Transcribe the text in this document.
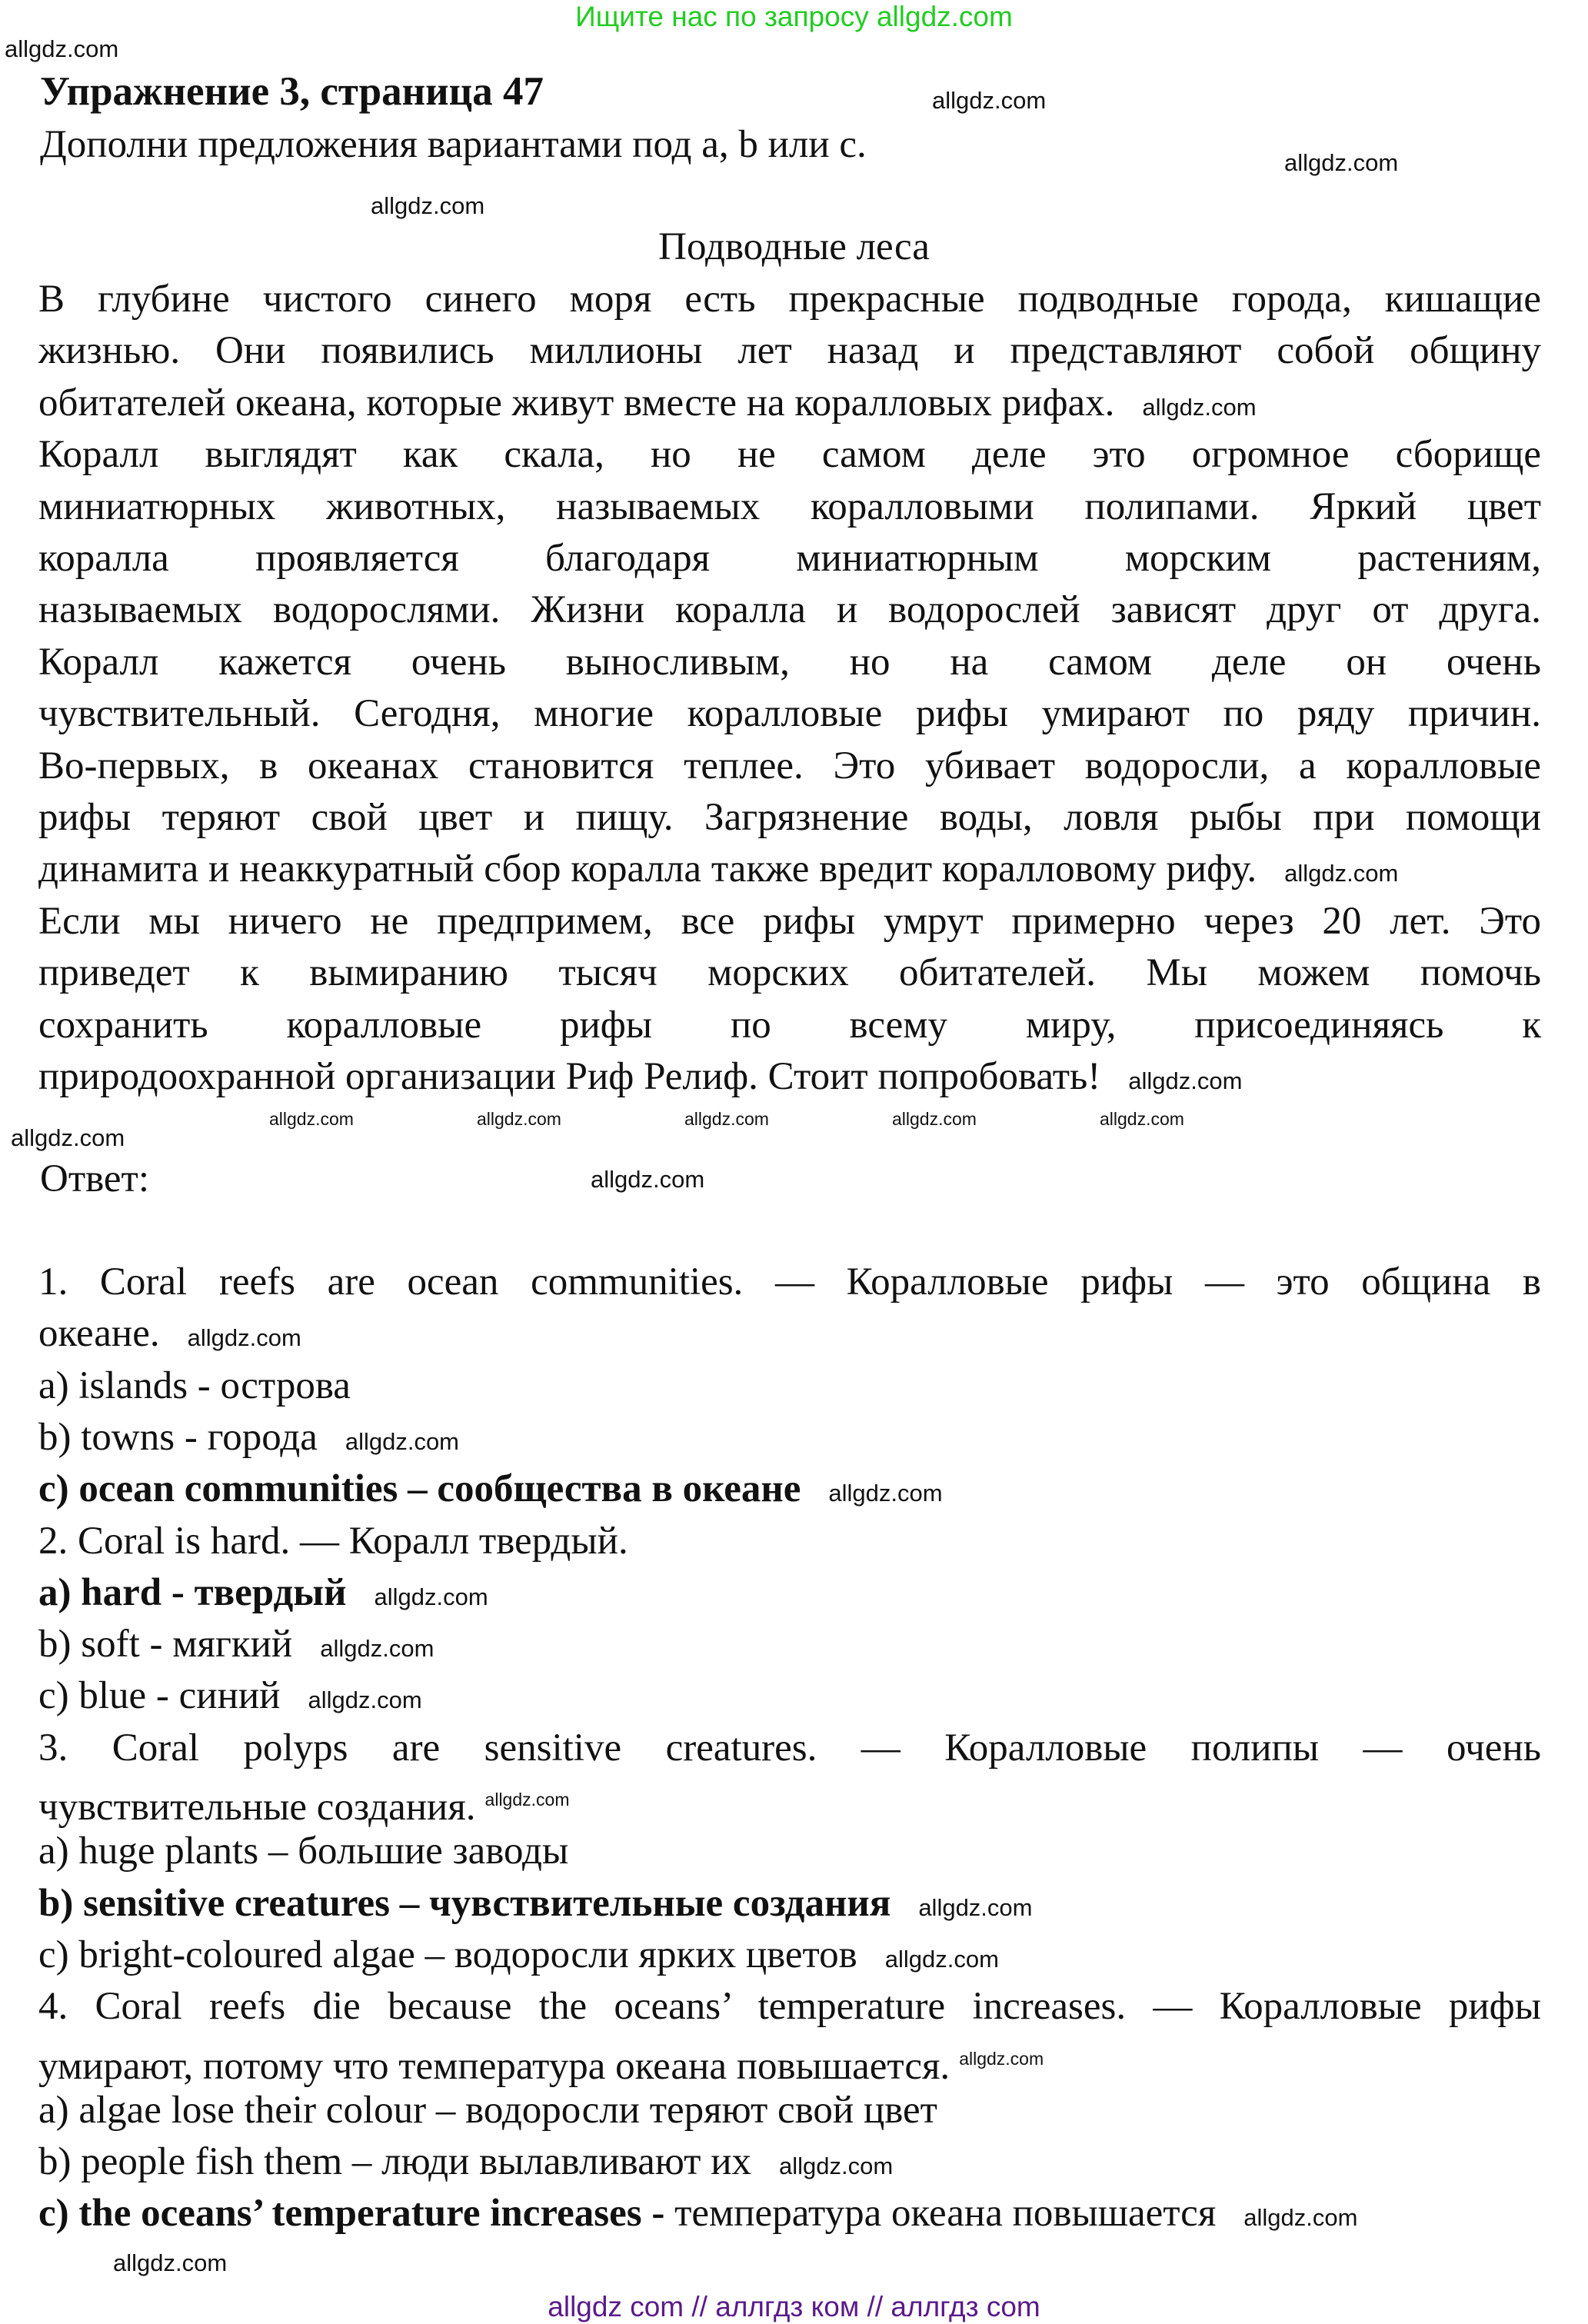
Ищите нас по запросу allgdz.com
Упражнение 3, страница 47
Дополни предложения вариантами под a, b или c.
Подводные леса
В глубине чистого синего моря есть прекрасные подводные города, кишащие
жизнью. Они появились миллионы лет назад и представляют собой общину
обитателей океана, которые живут вместе на коралловых рифах. allgdz.com
Коралл выглядят как скала, но не самом деле это огромное сборище
миниатюрных животных, называемых коралловыми полипами. Яркий цвет
коралла проявляется благодаря миниатюрным морским растениям,
называемых водорослями. Жизни коралла и водорослей зависят друг от друга.
Коралл кажется очень выносливым, но на самом деле он очень
чувствительный. Сегодня, многие коралловые рифы умирают по ряду причин.
Во-первых, в океанах становится теплее. Это убивает водоросли, а коралловые
рифы теряют свой цвет и пищу. Загрязнение воды, ловля рыбы при помощи
динамита и неаккуратный сбор коралла также вредит коралловому рифу. allgdz.com
Если мы ничего не предпримем, все рифы умрут примерно через 20 лет. Это
приведет к вымиранию тысяч морских обитателей. Мы можем помочь
сохранить коралловые рифы по всему миру, присоединяясь к
природоохранной организации Риф Релиф. Стоит попробовать! allgdz.com
Ответ:
1. Coral reefs are ocean communities. — Коралловые рифы — это община в
океане. allgdz.com
a) islands - острова
b) towns - города allgdz.com
c) ocean communities – сообщества в океане allgdz.com
2. Coral is hard. — Коралл твердый.
a) hard - твердый allgdz.com
b) soft - мягкий allgdz.com
c) blue - синий allgdz.com
3. Coral polyps are sensitive creatures. — Коралловые полипы — очень
чувствительные создания. $^{allgdz.com}$
a) huge plants – большие заводы
b) sensitive creatures – чувствительные создания allgdz.com
c) bright-coloured algae – водоросли ярких цветов allgdz.com
4. Coral reefs die because the oceans’ temperature increases. — Коралловые рифы
умирают, потому что температура океана повышается. $^{allgdz.com}$
a) algae lose their colour – водоросли теряют свой цвет
b) people fish them – люди вылавливают их allgdz.com
c) the oceans’ temperature increases - температура океана повышается allgdz.com
allgdz.com
allgdz.com
allgdz.com
allgdz.com
allgdz.com	allgdz.com	allgdz.com	allgdz.com	allgdz.com
allgdz.com
allgdz.com
allgdz.com
allgdz com // аллгдз ком // аллгдз com
